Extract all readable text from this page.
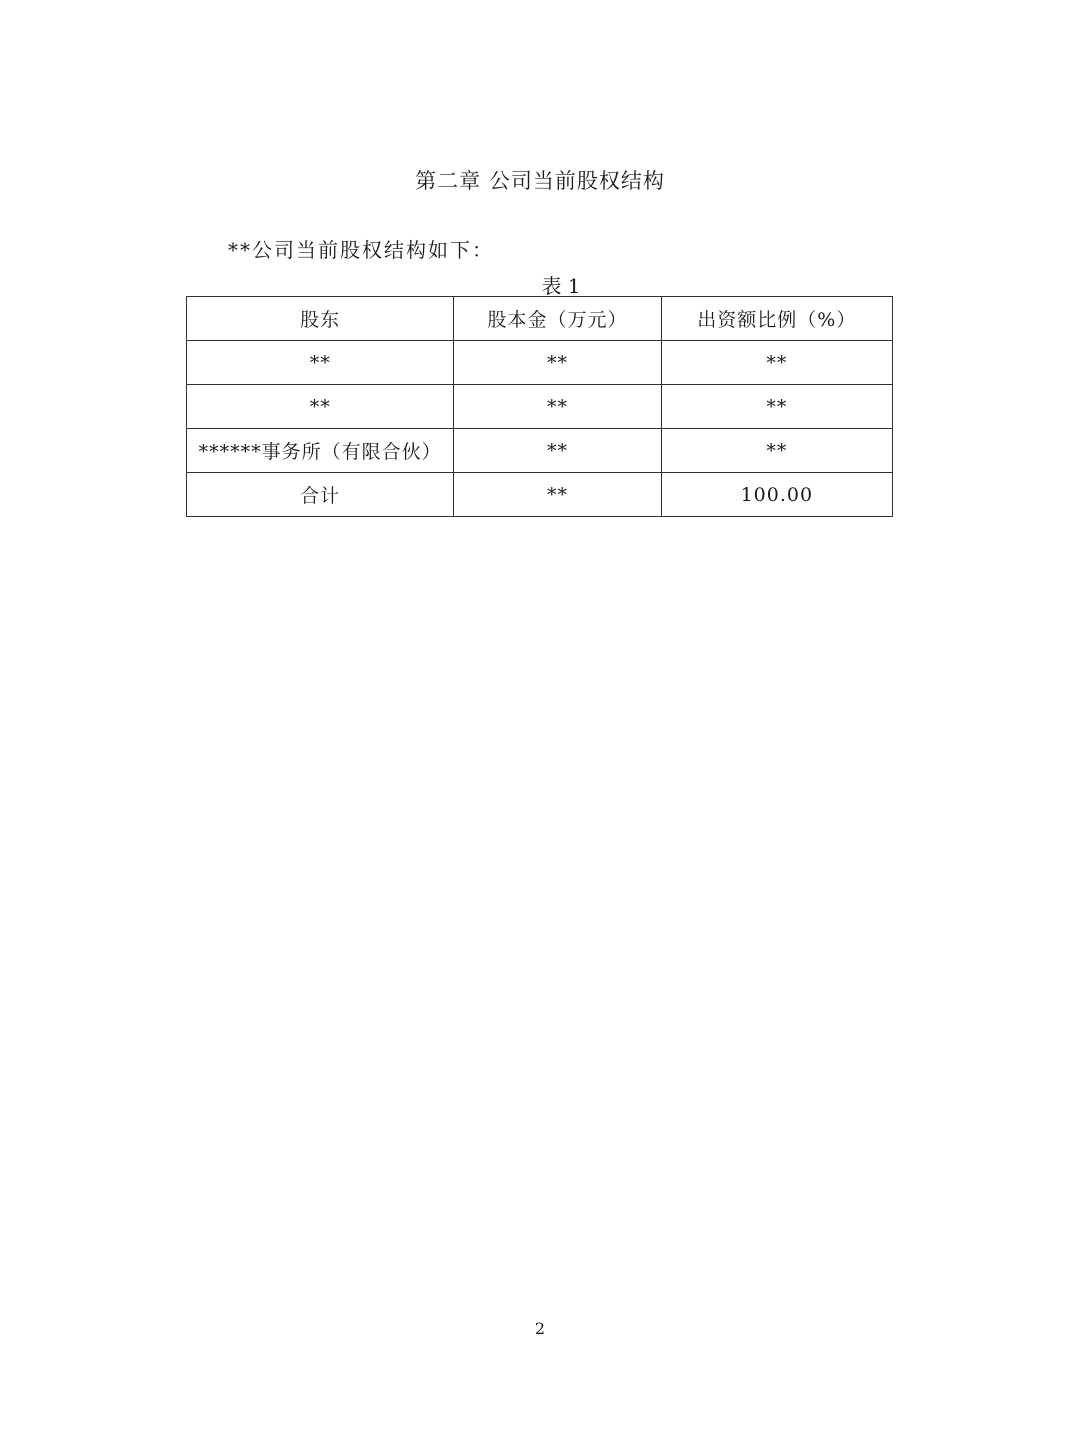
第二章 公司当前股权结构
**公司当前股权结构如下：
表 1
股东	股本金（万元）	出资额比例（%）
**	**	**
**	**	**
******事务所（有限合伙）	**	**
合计	**	100.00
2
